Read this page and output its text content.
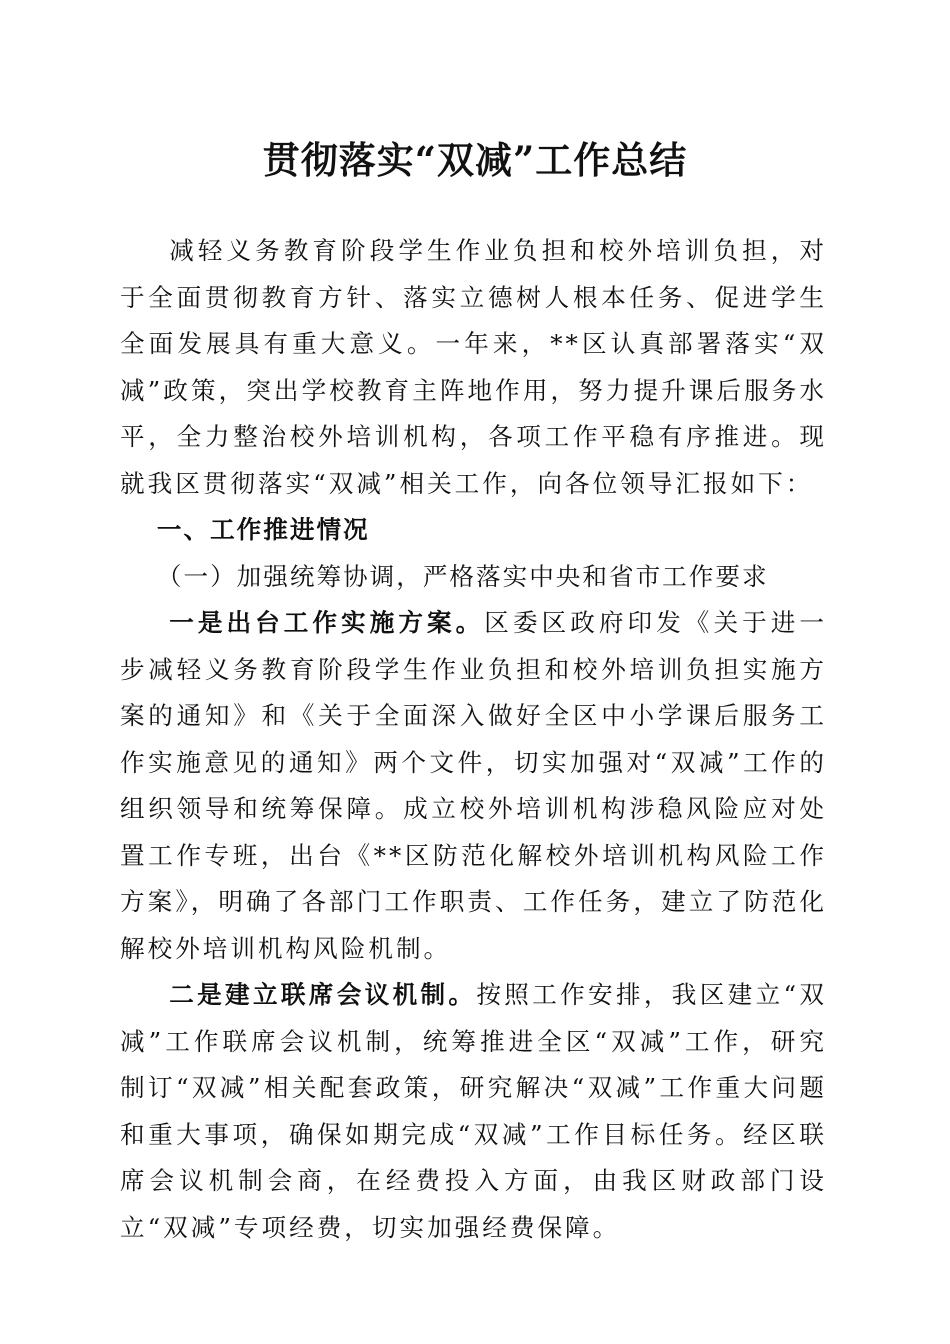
贯彻落实“双减”工作总结

减轻义务教育阶段学生作业负担和校外培训负担，对于全面贯彻教育方针、落实立德树人根本任务、促进学生全面发展具有重大意义。一年来，**区认真部署落实“双减”政策，突出学校教育主阵地作用，努力提升课后服务水平，全力整治校外培训机构，各项工作平稳有序推进。现就我区贯彻落实“双减”相关工作，向各位领导汇报如下：

一、工作推进情况
（一）加强统筹协调，严格落实中央和省市工作要求

一是出台工作实施方案。区委区政府印发《关于进一步减轻义务教育阶段学生作业负担和校外培训负担实施方案的通知》和《关于全面深入做好全区中小学课后服务工作实施意见的通知》两个文件，切实加强对“双减”工作的组织领导和统筹保障。成立校外培训机构涉稳风险应对处置工作专班，出台《**区防范化解校外培训机构风险工作方案》，明确了各部门工作职责、工作任务，建立了防范化解校外培训机构风险机制。

二是建立联席会议机制。按照工作安排，我区建立“双减”工作联席会议机制，统筹推进全区“双减”工作，研究制订“双减”相关配套政策，研究解决“双减”工作重大问题和重大事项，确保如期完成“双减”工作目标任务。经区联席会议机制会商，在经费投入方面，由我区财政部门设立“双减”专项经费，切实加强经费保障。
